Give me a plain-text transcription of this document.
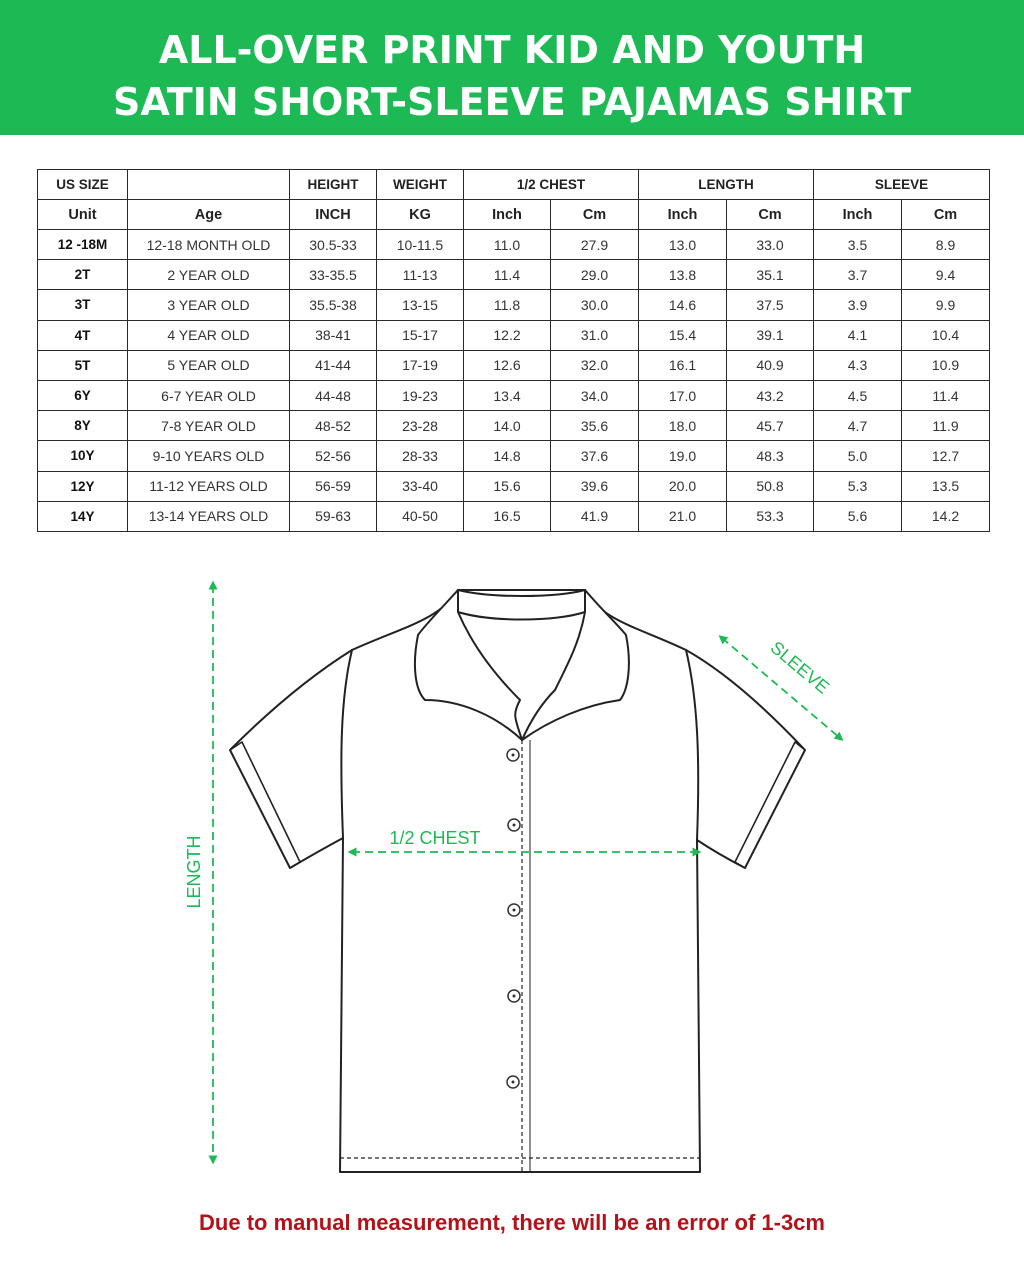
ALL-OVER PRINT KID AND YOUTH
SATIN SHORT-SLEEVE PAJAMAS SHIRT
US SIZE		HEIGHT	WEIGHT	1/2 CHEST		LENGTH		SLEEVE	
Unit	Age	INCH	KG	Inch	Cm	Inch	Cm	Inch	Cm
12 -18M	12-18 MONTH OLD	30.5-33	10-11.5	11.0	27.9	13.0	33.0	3.5	8.9
2T	2 YEAR OLD	33-35.5	11-13	11.4	29.0	13.8	35.1	3.7	9.4
3T	3 YEAR OLD	35.5-38	13-15	11.8	30.0	14.6	37.5	3.9	9.9
4T	4 YEAR OLD	38-41	15-17	12.2	31.0	15.4	39.1	4.1	10.4
5T	5 YEAR OLD	41-44	17-19	12.6	32.0	16.1	40.9	4.3	10.9
6Y	6-7 YEAR OLD	44-48	19-23	13.4	34.0	17.0	43.2	4.5	11.4
8Y	7-8 YEAR OLD	48-52	23-28	14.0	35.6	18.0	45.7	4.7	11.9
10Y	9-10 YEARS OLD	52-56	28-33	14.8	37.6	19.0	48.3	5.0	12.7
12Y	11-12 YEARS OLD	56-59	33-40	15.6	39.6	20.0	50.8	5.3	13.5
14Y	13-14 YEARS OLD	59-63	40-50	16.5	41.9	21.0	53.3	5.6	14.2
LENGTH	1/2 CHEST
SLEEVE
Due to manual measurement, there will be an error of 1-3cm
